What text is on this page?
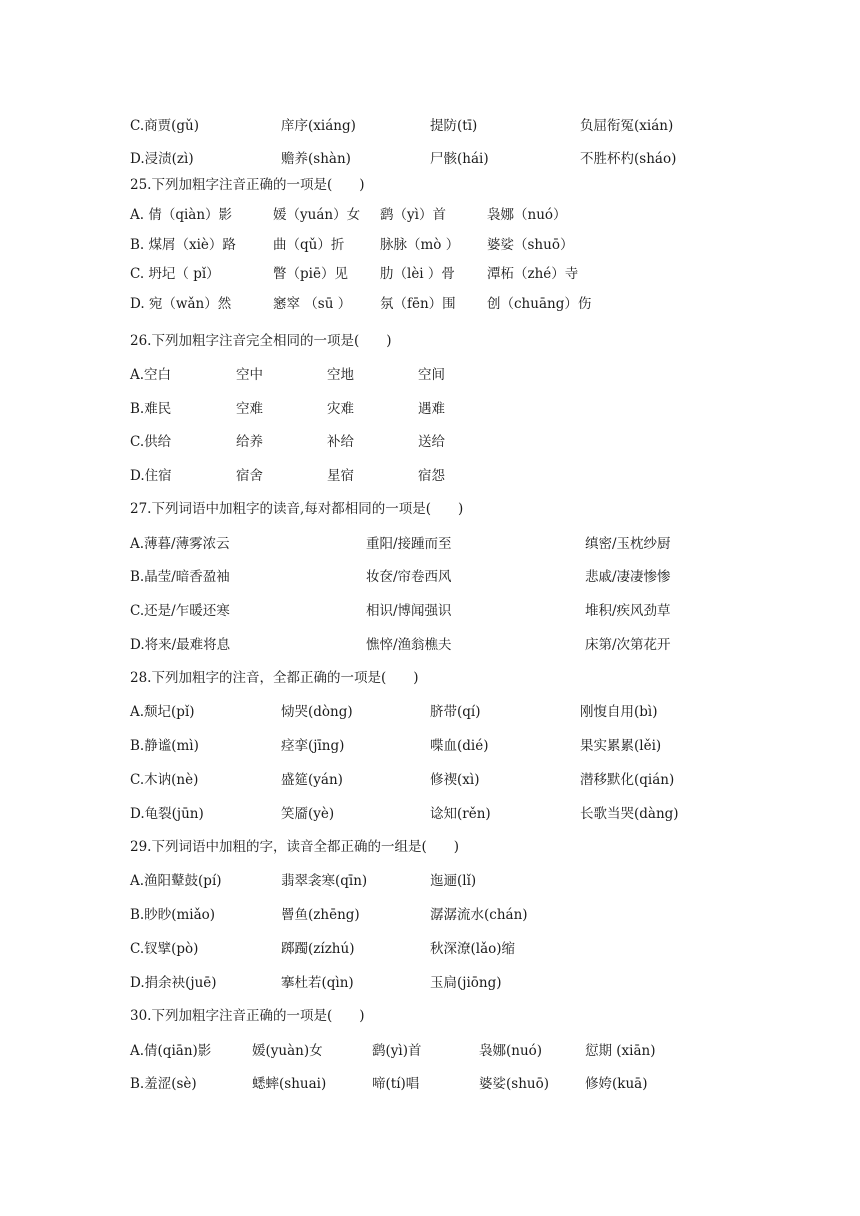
C.商贾(gǔ)	庠序(xiáng)	提防(tī)	负屈衔冤(xián)
D.浸渍(zì)	赡养(shàn)	尸骸(hái)	不胜杯杓(sháo)
25.下列加粗字注音正确的一项是(　　)
A. 倩（qiàn）影	媛（yuán）女 鹞（yì）首	袅娜（nuó）
B. 煤屑（xiè）路	曲（qǔ）折	脉脉（mò ） 婆娑（shuō）
C. 坍圮（ pǐ）	瞥（piē）见 肋（lèi ）骨 潭柘（zhé）寺
D. 宛（wǎn）然	窸窣 （sū ） 氛（fēn）围 创（chuāng）伤
26.下列加粗字注音完全相同的一项是(　　)
A.空白	空中	空地	空间
B.难民	空难	灾难	遇难
C.供给	给养	补给	送给
D.住宿	宿舍	星宿	宿怨
27.下列词语中加粗字的读音,每对都相同的一项是(　　)
A.薄暮/薄雾浓云	重阳/接踵而至	缜密/玉枕纱厨
B.晶莹/暗香盈袖	妆奁/帘卷西风	悲戚/凄凄惨惨
C.还是/乍暖还寒	相识/博闻强识	堆积/疾风劲草
D.将来/最难将息	憔悴/渔翁樵夫	床第/次第花开
28.下列加粗字的注音，全都正确的一项是(　　)
A.颓圮(pǐ)	恸哭(dòng)	脐带(qí)	刚愎自用(bì)
B.静谧(mì)	痉挛(jīng)	喋血(dié)	果实累累(lěi)
C.木讷(nè)	盛筵(yán)	修禊(xì)	潜移默化(qián)
D.龟裂(jūn)	笑靥(yè)	谂知(rěn)	长歌当哭(dàng)
29.下列词语中加粗的字，读音全都正确的一组是(　　)
A.渔阳鼙鼓(pí)	翡翠衾寒(qīn)	迤逦(lǐ)
B.眇眇(miǎo)	罾鱼(zhēng)	潺潺流水(chán)
C.钗擘(pò)	踯躅(zízhú)	秋深潦(lǎo)缩
D.捐余袂(juē)	搴杜若(qìn)	玉扃(jiōng)
30.下列加粗字注音正确的一项是(　　)
A.倩(qiān)影	媛(yuàn)女	鹞(yì)首	袅娜(nuó)	愆期 (xiān)
B.羞涩(sè)	蟋蟀(shuai)	啼(tí)唱	婆娑(shuō)	修姱(kuā)
